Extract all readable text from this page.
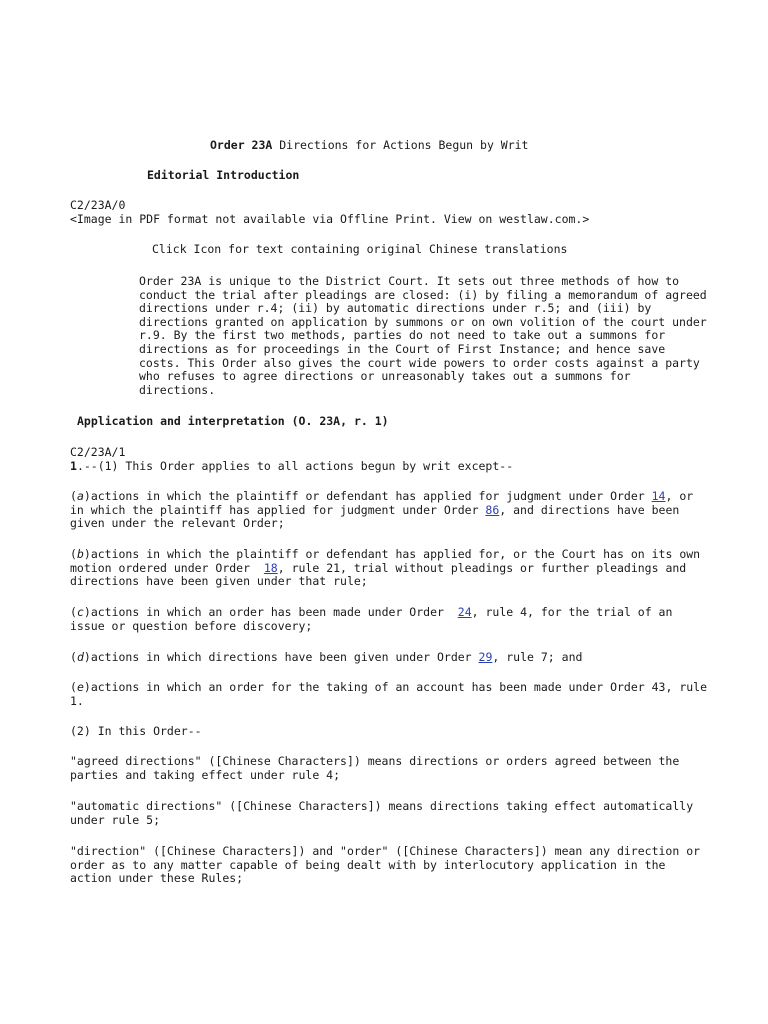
Order 23A Directions for Actions Begun by Writ
Editorial Introduction
C2/23A/0
<Image in PDF format not available via Offline Print. View on westlaw.com.>
Click Icon for text containing original Chinese translations
Order 23A is unique to the District Court. It sets out three methods of how to conduct the trial after pleadings are closed: (i) by filing a memorandum of agreed directions under r.4; (ii) by automatic directions under r.5; and (iii) by directions granted on application by summons or on own volition of the court under r.9. By the first two methods, parties do not need to take out a summons for directions as for proceedings in the Court of First Instance; and hence save costs. This Order also gives the court wide powers to order costs against a party who refuses to agree directions or unreasonably takes out a summons for directions.
Application and interpretation (O. 23A, r. 1)
C2/23A/1
1.--(1) This Order applies to all actions begun by writ except--
(a)actions in which the plaintiff or defendant has applied for judgment under Order 14, or in which the plaintiff has applied for judgment under Order 86, and directions have been given under the relevant Order;
(b)actions in which the plaintiff or defendant has applied for, or the Court has on its own motion ordered under Order  18, rule 21, trial without pleadings or further pleadings and directions have been given under that rule;
(c)actions in which an order has been made under Order  24, rule 4, for the trial of an issue or question before discovery;
(d)actions in which directions have been given under Order 29, rule 7; and
(e)actions in which an order for the taking of an account has been made under Order 43, rule 1.
(2) In this Order--
"agreed directions" ([Chinese Characters]) means directions or orders agreed between the parties and taking effect under rule 4;
"automatic directions" ([Chinese Characters]) means directions taking effect automatically under rule 5;
"direction" ([Chinese Characters]) and "order" ([Chinese Characters]) mean any direction or order as to any matter capable of being dealt with by interlocutory application in the action under these Rules;
